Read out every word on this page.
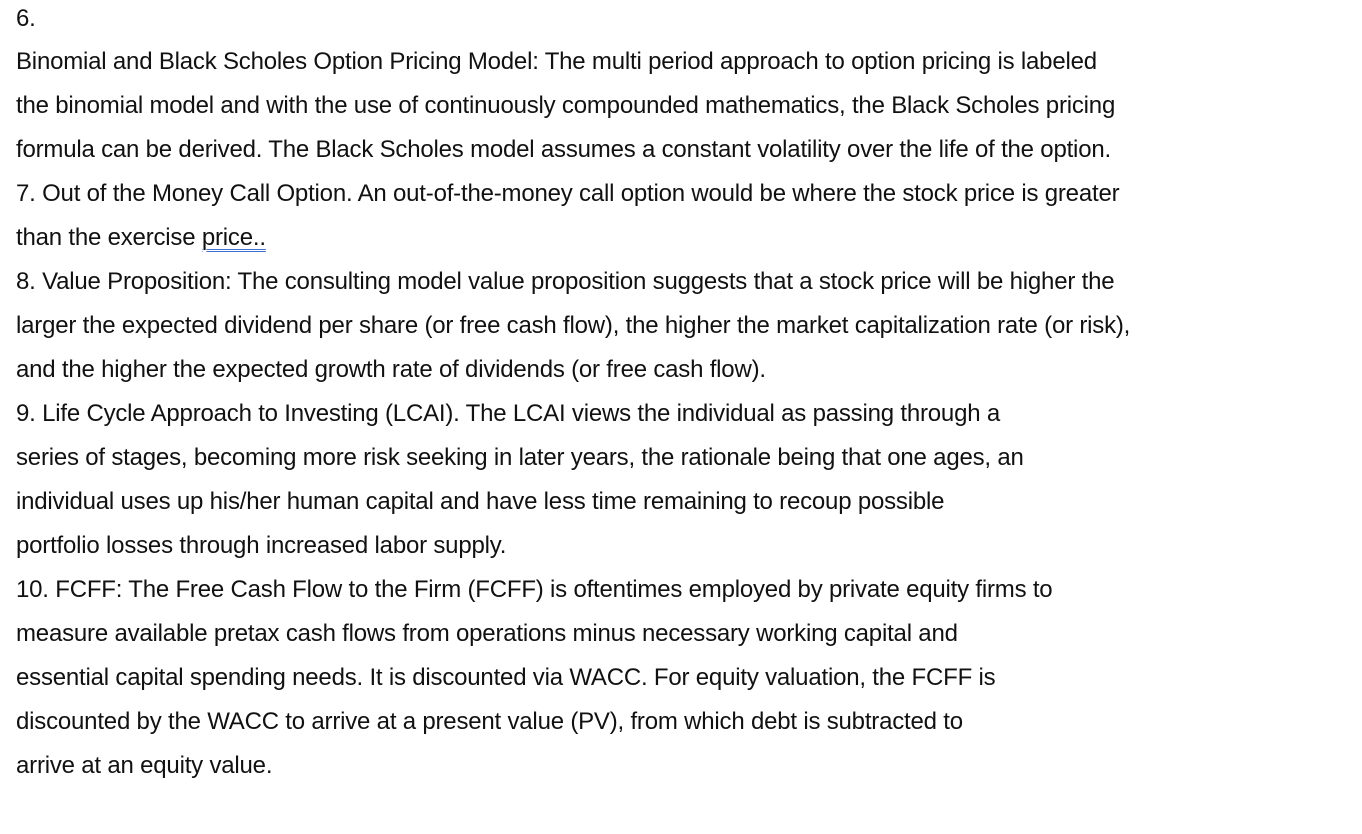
6.
Binomial and Black Scholes Option Pricing Model: The multi period approach to option pricing is labeled
the binomial model and with the use of continuously compounded mathematics, the Black Scholes pricing
formula can be derived. The Black Scholes model assumes a constant volatility over the life of the option.
7. Out of the Money Call Option. An out-of-the-money call option would be where the stock price is greater
than the exercise price..
8. Value Proposition: The consulting model value proposition suggests that a stock price will be higher the
larger the expected dividend per share (or free cash flow), the higher the market capitalization rate (or risk),
and the higher the expected growth rate of dividends (or free cash flow).
9. Life Cycle Approach to Investing (LCAI). The LCAI views the individual as passing through a
series of stages, becoming more risk seeking in later years, the rationale being that one ages, an
individual uses up his/her human capital and have less time remaining to recoup possible
portfolio losses through increased labor supply.
10. FCFF: The Free Cash Flow to the Firm (FCFF) is oftentimes employed by private equity firms to
measure available pretax cash flows from operations minus necessary working capital and
essential capital spending needs. It is discounted via WACC. For equity valuation, the FCFF is
discounted by the WACC to arrive at a present value (PV), from which debt is subtracted to
arrive at an equity value.
